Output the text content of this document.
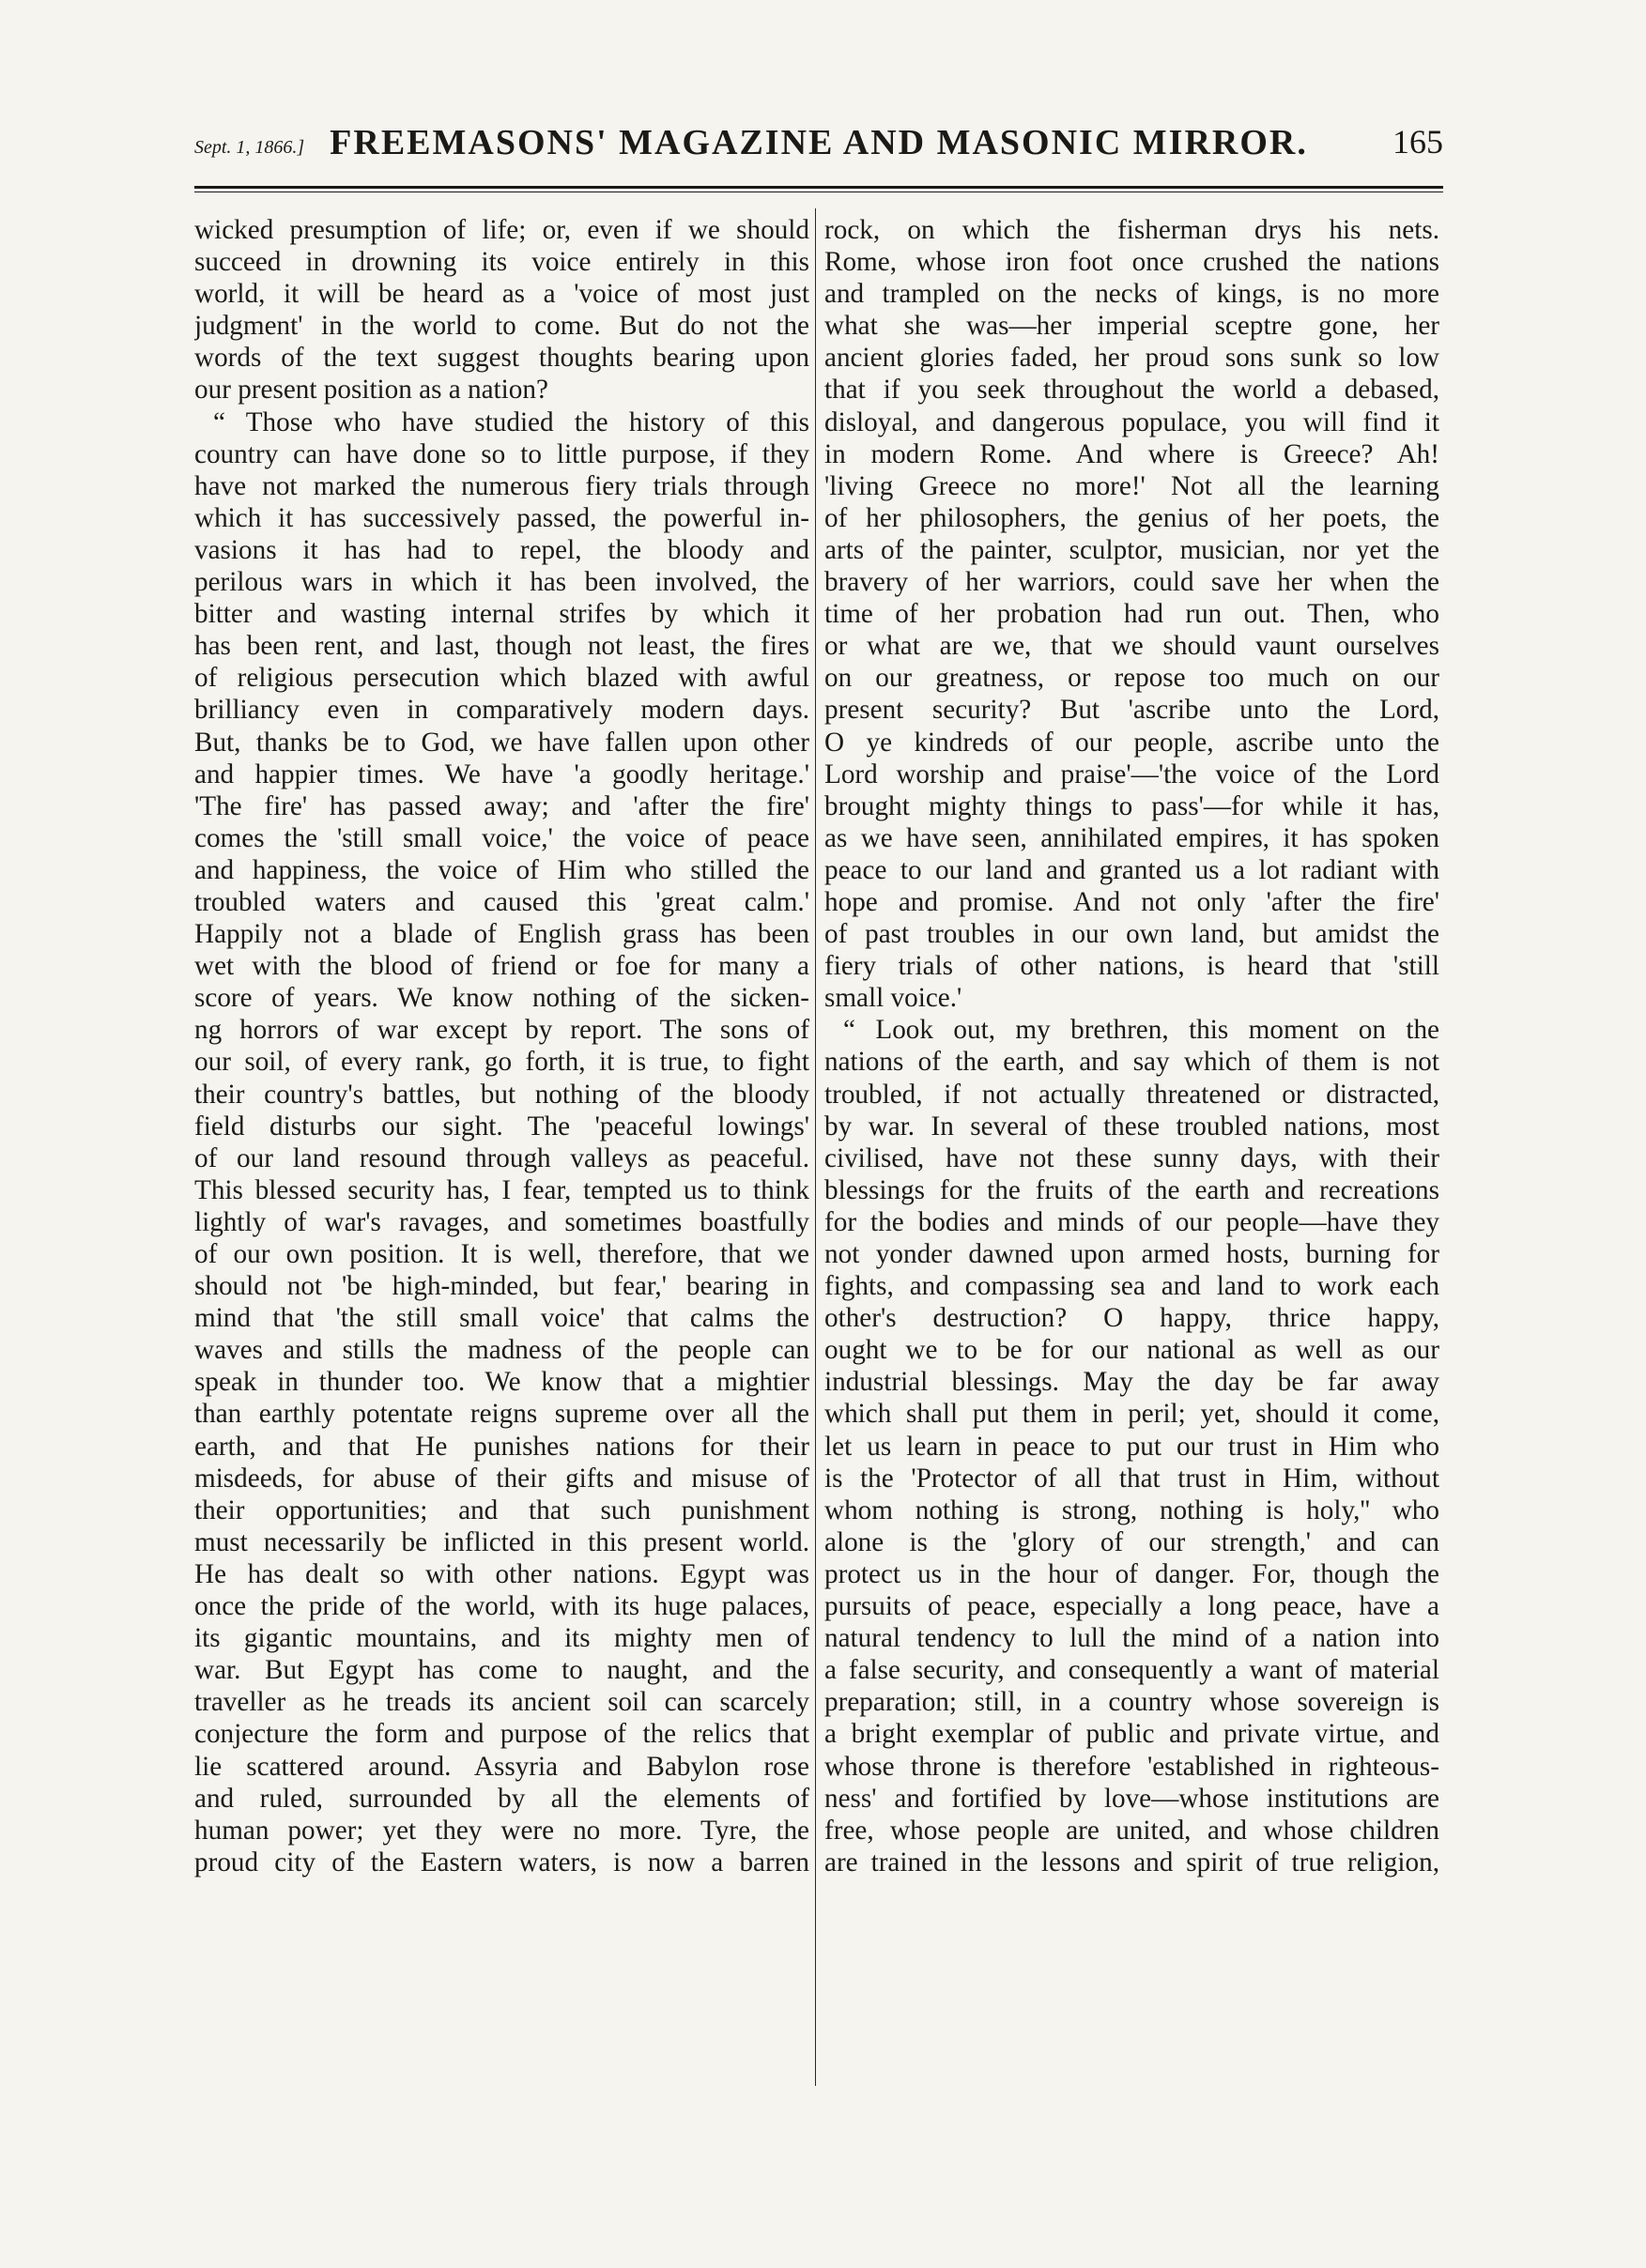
Sept. 1, 1866.] FREEMASONS' MAGAZINE AND MASONIC MIRROR.	165
wicked presumption of life; or, even if we should
succeed in drowning its voice entirely in this
world, it will be heard as a 'voice of most just
judgment' in the world to come. But do not the
words of the text suggest thoughts bearing upon
our present position as a nation?
“ Those who have studied the history of this
country can have done so to little purpose, if they
have not marked the numerous fiery trials through
which it has successively passed, the powerful in-
vasions it has had to repel, the bloody and
perilous wars in which it has been involved, the
bitter and wasting internal strifes by which it
has been rent, and last, though not least, the fires
of religious persecution which blazed with awful
brilliancy even in comparatively modern days.
But, thanks be to God, we have fallen upon other
and happier times. We have 'a goodly heritage.'
'The fire' has passed away; and 'after the fire'
comes the 'still small voice,' the voice of peace
and happiness, the voice of Him who stilled the
troubled waters and caused this 'great calm.'
Happily not a blade of English grass has been
wet with the blood of friend or foe for many a
score of years. We know nothing of the sicken-
ng horrors of war except by report. The sons of
our soil, of every rank, go forth, it is true, to fight
their country's battles, but nothing of the bloody
field disturbs our sight. The 'peaceful lowings'
of our land resound through valleys as peaceful.
This blessed security has, I fear, tempted us to think
lightly of war's ravages, and sometimes boastfully
of our own position. It is well, therefore, that we
should not 'be high-minded, but fear,' bearing in
mind that 'the still small voice' that calms the
waves and stills the madness of the people can
speak in thunder too. We know that a mightier
than earthly potentate reigns supreme over all the
earth, and that He punishes nations for their
misdeeds, for abuse of their gifts and misuse of
their opportunities; and that such punishment
must necessarily be inflicted in this present world.
He has dealt so with other nations. Egypt was
once the pride of the world, with its huge palaces,
its gigantic mountains, and its mighty men of
war. But Egypt has come to naught, and the
traveller as he treads its ancient soil can scarcely
conjecture the form and purpose of the relics that
lie scattered around. Assyria and Babylon rose
and ruled, surrounded by all the elements of
human power; yet they were no more. Tyre, the
proud city of the Eastern waters, is now a barren
rock, on which the fisherman drys his nets.
Rome, whose iron foot once crushed the nations
and trampled on the necks of kings, is no more
what she was—her imperial sceptre gone, her
ancient glories faded, her proud sons sunk so low
that if you seek throughout the world a debased,
disloyal, and dangerous populace, you will find it
in modern Rome. And where is Greece? Ah!
'living Greece no more!' Not all the learning
of her philosophers, the genius of her poets, the
arts of the painter, sculptor, musician, nor yet the
bravery of her warriors, could save her when the
time of her probation had run out. Then, who
or what are we, that we should vaunt ourselves
on our greatness, or repose too much on our
present security? But 'ascribe unto the Lord,
O ye kindreds of our people, ascribe unto the
Lord worship and praise'—'the voice of the Lord
brought mighty things to pass'—for while it has,
as we have seen, annihilated empires, it has spoken
peace to our land and granted us a lot radiant with
hope and promise. And not only 'after the fire'
of past troubles in our own land, but amidst the
fiery trials of other nations, is heard that 'still
small voice.'
“ Look out, my brethren, this moment on the
nations of the earth, and say which of them is not
troubled, if not actually threatened or distracted,
by war. In several of these troubled nations, most
civilised, have not these sunny days, with their
blessings for the fruits of the earth and recreations
for the bodies and minds of our people—have they
not yonder dawned upon armed hosts, burning for
fights, and compassing sea and land to work each
other's destruction? O happy, thrice happy,
ought we to be for our national as well as our
industrial blessings. May the day be far away
which shall put them in peril; yet, should it come,
let us learn in peace to put our trust in Him who
is the 'Protector of all that trust in Him, without
whom nothing is strong, nothing is holy,'' who
alone is the 'glory of our strength,' and can
protect us in the hour of danger. For, though the
pursuits of peace, especially a long peace, have a
natural tendency to lull the mind of a nation into
a false security, and consequently a want of material
preparation; still, in a country whose sovereign is
a bright exemplar of public and private virtue, and
whose throne is therefore 'established in righteous-
ness' and fortified by love—whose institutions are
free, whose people are united, and whose children
are trained in the lessons and spirit of true religion,
